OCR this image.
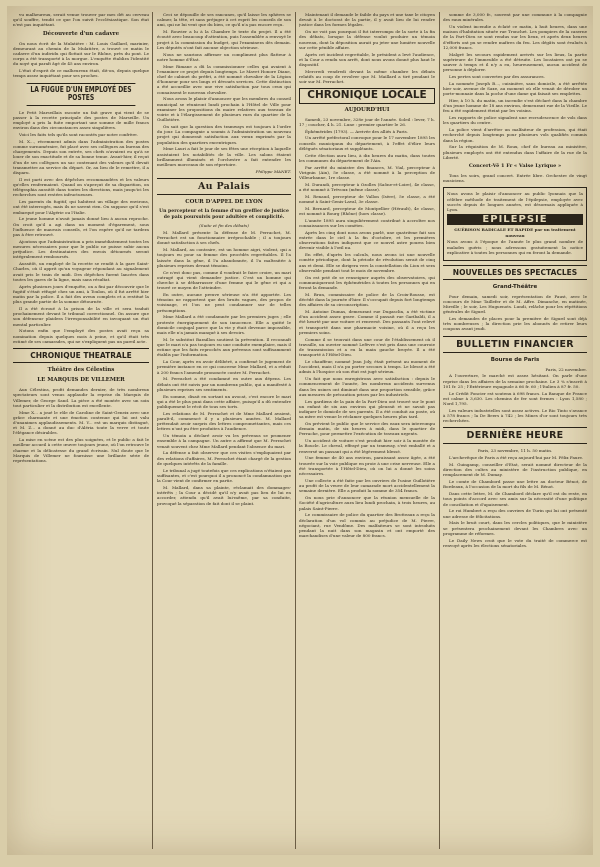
vu malheureux, serait venue trouver par mes dét au cerveau qu'il souffre, tendit ce que l'on suivit l'ecclésiastique. Son état n'est pas inquiétant.

Découverte d'un cadavre

On nous écrit de la Mulatière : M. Louis Gaillard, marinier, demeurant au chemin de la Mulatière, a trouvé ce matin le cadavre d'un individu qui flottait sur le Rhône, près du pont. Le corps a été transporté à la morgue. L'enquête établira l'identité du noyé qui paraît âgé de 45 ans environ.

L'état d'esprit de ce malheureux était, dit-on, depuis quelque temps assez inquiétant pour ses proches.

LA FUGUE D'UN EMPLOYÉ DES POSTES

Le Petit Marseillais raconte un fait grave qui vient de se passer à la recette principale des postes de Marseille. Un employé a pris la fuite emportant une somme de mille francs environ dans des circonstances assez singulières.

Voici les faits tels qu'ils sont racontés par notre confrère.

M. X..., récemment admis dans l'administration des postes comme surnuméraire, fut placé avec ses collègues au bureau des chargements. Depuis son entrée, ses chefs n'avaient eu qu'à se louer de son exactitude et de sa bonne tenue. Avant-hier, il reçut d'un de ses collègues un sac contenant des valeurs qu'il devait transmettre au service du départ. Or, au lieu de le remettre, il a disparu.

Il est parti avec des dépêches recommandées et les valeurs qu'elles renfermaient. Quand on s'aperçut de sa disparition, on télégraphia aussitôt dans toutes les directions, mais jusqu'ici les recherches sont restées infructueuses.

Les parents du fugitif, qui habitent un village des environs, ont été interrogés, mais ils ne savent rien. On suppose qu'il s'est embarqué pour l'Algérie ou l'Italie.

Le jeune homme n'avait jamais donné lieu à aucun reproche. On croit qu'il a agi dans un moment d'égarement, sous l'influence de mauvais conseils, et l'on espère qu'il ne tardera pas à être retrouvé.

Ajoutons que l'administration a pris immédiatement toutes les mesures nécessaires pour que le public ne puisse subir aucun préjudice. Les destinataires des envois détournés seront intégralement remboursés.

Aussitôt, un employé de la recette se rendit à la gare Saint-Charles, où il apprit qu'un voyageur répondant au signalement avait pris le train de midi. Des dépêches furent lancées dans toutes les gares de la ligne, mais sans résultat.

Après plusieurs jours d'enquête, on a fini par découvrir que le fugitif s'était réfugié chez un ami, à Toulon, où il fut arrêté hier matin par la police. Il a fait des aveux complets et a restitué la plus grande partie de la somme détournée.

Il a été écroué à la prison de la ville et sera traduit prochainement devant le tribunal correctionnel. On assure que son défenseur plaidera l'irresponsabilité en invoquant un état mental particulier.

Notons enfin que l'employé des postes avait reçu sa nomination depuis quelques mois à peine, et qu'il était très estimé de ses camarades, qui ne s'expliquent pas un pareil acte.

CHRONIQUE THEATRALE
Théâtre des Célestins
LE MARQUIS DE VILLEMER

Aux Célestins, profit demandes dernier, de très nombreux spectateurs sont venus applaudir la reprise du Marquis de Villemer, de George Sand. La pièce a été montée avec un soin tout particulier et la distribution est excellente.

Mme X... a joué le rôle de Caroline de Saint-Geneix avec une grâce charmante et une émotion contenue qui lui ont valu d'unanimes applaudissements. M. Y... est un marquis distingué, et M. Z... a donné au duc d'Aléria toute la verve et toute l'élégance désirables.

La mise en scène est des plus soignées, et le public a fait le meilleur accueil à cette œuvre toujours jeune, où l'on retrouve le charme et la délicatesse du grand écrivain. Nul doute que le Marquis de Villemer ne fournisse une brillante série de représentations.

Ceci se dépouille de ses rancunes, qu'il laisse les sphères se calmer, la tête, et sans préjuger à cet esprit les conseils de son ami, qui ne lui veut que du bien, ce qu'il n'a pas encore reçu.

M. Rouvier a lu à la Chambre le texte du projet. Il a été écouté avec beaucoup d'attention, puis l'assemblée a renvoyé le projet à la commission du budget, qui l'examinera dès demain. Les députés n'ont fait aucune objection sérieuse.

Nous ne saurions affirmer un compliment plus flatteur à notre homme d'État.

Mme Rimane a dû la commissionner celles qui avaient à l'examiner ce projet depuis longtemps. Le Mavet Honore Diane, chef de cabinet du préfet, a été nommé chevalier de la Légion d'honneur pour ses longs et dévoués services. Cette distinction a été accueillie avec une vive satisfaction par tous ceux qui connaissent le nouveau chevalier.

Nous avons le plaisir d'annoncer que les membres du conseil municipal se réuniront lundi prochain à l'Hôtel de Ville pour examiner les propositions du maire relatives aux travaux de voirie et à l'élargissement de plusieurs rues du quartier de la Guillotière.

On sait que la question des tramways est toujours à l'ordre du jour. La compagnie a soumis à l'administration un nouveau projet qui donnerait satisfaction aux vœux exprimés par la population des quartiers excentriques.

Mme Lauri a fait le jour de ses fêtes une réception à laquelle assistaient les notabilités de la ville. Les salons étaient brillamment illuminés et l'orchestre a fait entendre les meilleurs morceaux de son répertoire.

Philippe MANET.

Au Palais
COUR D'APPEL DE LYON
Un percepteur et la femme d'un greffier de justice de paix poursuivis pour adultère et complicité.

(Suite et fin des débats)

M. Mallard présente la défense de M. Perrachet, M. Perrachet est un fonctionnaire irréprochable ; il a toujours donné satisfaction à ses chefs.

M. Mallard, au contraire, est un homme aigri, violent, qui a toujours eu pour sa femme des procédés regrettables. Il l'a laissée dans la gêne, il l'a abandonnée, il l'a maltraitée à plusieurs reprises devant témoins.

Ce n'est donc pas, comme il voudrait le faire croire, un mari outragé qui vient demander justice. C'est un homme qui cherche à se débarrasser d'une femme qui le gêne et qui a trouvé ce moyen de l'atteindre.

En outre, aucune preuve sérieuse n'a été apportée. Les témoins ne rapportent que des bruits vagues, des propos de voisinage, et l'on ne peut condamner sur de telles présomptions.

Mme Mallard a été condamnée par les premiers juges ; elle proteste énergiquement de son innocence. Elle a quitté le domicile conjugal parce que la vie y était devenue impossible, mais elle n'a jamais manqué à ses devoirs.

M. le substitut Baraillon soutient la prévention. Il reconnaît que le mari n'a pas toujours eu une conduite exemplaire, mais il estime que les faits reprochés aux prévenus sont suffisamment établis par l'information.

La Cour, après en avoir délibéré, a confirmé le jugement de première instance en ce qui concerne Mme Mallard, et a réduit à 200 francs l'amende prononcée contre M. Perrachet.

M. Perrachet a été condamné en outre aux dépens. Les débats ont été suivis par un nombreux public, qui a manifesté à plusieurs reprises ses sentiments.

En somme, disait en sortant un avocat, c'est encore le mari qui a été le plus puni dans cette affaire, puisqu'il a dû entendre publiquement le récit de tous ses torts.

Les relations de M. Perrachet et de Mme Mallard avaient, paraît-il, commencé il y a plusieurs années. M. Mallard prétendait avoir surpris des lettres compromettantes, mais ces lettres n'ont pu être produites à l'audience.

Un témoin a déclaré avoir vu les prévenus se promener ensemble à la campagne. Un autre a affirmé que M. Perrachet venait souvent chez Mme Mallard pendant l'absence du mari.

La défense a fait observer que ces visites s'expliquaient par des relations d'affaires, M. Perrachet étant chargé de la gestion de quelques intérêts de la famille.

Le tribunal a jugé toutefois que ces explications n'étaient pas suffisantes, et c'est pourquoi il a prononcé la condamnation que la Cour vient de confirmer en partie.

M. Mallard, dans sa plainte, réclamait des dommages-intérêts ; la Cour a décidé qu'il n'y avait pas lieu de lui en accorder, attendu qu'il avait lui-même, par sa conduite, provoqué la séparation de fait dont il se plaint.

Maintenant il demande le faible du pays et une taxe le citoyen devait à le doctorat de la partie, il y avait lieu de lui rendre justice dans les formes légales.

On ne voit pas pourquoi il fut interrompu de la sorte à la fin des débats, lorsque la défense voulut produire un témoin nouveau, dont la déposition aurait pu jeter une lumière nouvelle sur cette pénible affaire.

Après cet incident regrettable, le président a levé l'audience, et la Cour a rendu son arrêt, dont nous avons donné plus haut le dispositif.

Mercredi vendredi devant la même chambre les débats relatifs au coup de revolver que M. Maillard a tiré pendant le soir sur M. Perrachet.

CHRONIQUE LOCALE
AUJOURD'HUI

Samedi, 23 novembre, 328e jour de l'année. Soleil : lever, 7 h. 17 ; coucher, 4 h. 21. Lune : premier quartier le 26.

Éphémérides (1793). — Arrivée des alliés à Paris.

Un arrêté préfectoral convoque pour le 17 novembre 1895 les conseils municipaux du département, à l'effet d'élire leurs délégués sénatoriaux et suppléants.

Cette élection aura lieu, à dix heures du matin, dans toutes les communes du département de l'Ain.

Par arrêté du ministre des finances, M. Vial, percepteur à Virignin (Ain), 5e classe, a été nommé à la perception de Villeurbanne, 1re classe.

M. Durandi, percepteur à Ozolles (Saône-et-Loire), 4e classe, a été nommé à Trévoux (même classe).

M. Renaud, percepteur de Vallon (Isère), 5e classe, a été nommé à Saint-Genis-Laval, 3e classe.

M. Bernard, percepteur de Montpellier (Hérault), 4e classe, est nommé à Bourg (Rhône) (hors classe).

L'année 1895 aura singulièrement contribué à accroître nos connaissances sur les comètes.

Après les cinq dont nous avons parlé, une quatrième fait son entrée dans le ciel à la fin d'octobre, et les premières observations faites indiquent que ce nouvel astre pourra bien devenir visible à l'œil nu.

En effet, d'après les calculs, nous avons ici une nouvelle comète périodique, dont la période de révolution serait de cinq ans et demi. Elle se dirigera vers la constellation du Lion et sera observable pendant tout le mois de novembre.

On est prié de se renseigner auprès des observatoires, qui communiqueront les éphémérides à toutes les personnes qui en feront la demande.

M. Brun, commissaire de police de la Croix-Rousse, est décédé dans la journée d'hier. Il s'occupait depuis fort longtemps des affaires de sa circonscription.

M. Antoine Dumas, demeurant rue Dugasclin, a été victime d'un accident assez grave. Comme il passait rue Garibaldi, il a été heurté par une voiture et renversé. Des passants l'ont relevé et transporté dans une pharmacie voisine, où il a reçu les premiers soins.

Comme il se trouvait dans une cour de l'établissement où il travaille, un ouvrier nommé Lefèvre s'est pris dans une courroie de transmission et a eu la main gauche broyée. Il a été transporté à l'Hôtel-Dieu.

Le chauffeur, nommé Jean Joly, était présent au moment de l'accident, mais il n'a pu porter secours à temps. Le blessé a été admis à l'hospice où son état est jugé sérieux.

Un fait que nous enregistrons avec satisfaction : depuis le commencement de l'année, les nombreux accidents survenus dans les usines ont diminué dans une proportion sensible, grâce aux mesures de précaution prises par les industriels.

Les gardiens de la paix de la Part-Dieu ont trouvé sur le pont un enfant de six ans environ qui pleurait et ne savait pas indiquer le domicile de ses parents. Il a été conduit au poste, où sa mère est venue le réclamer quelques heures plus tard.

On prévient le public que le service des eaux sera interrompu demain matin, de six heures à midi, dans le quartier de Perrache, pour permettre l'exécution de travaux urgents.

Un accident de voiture s'est produit hier soir à la montée de la Boucle. Le cheval, effrayé par un tramway, s'est emballé et a renversé un passant qui a été légèrement blessé.

Une femme de 40 ans environ, paraissant assez âgée, a été trouvée sur la voie publique en proie à une crise nerveuse. Elle a été transportée à l'Hôtel-Dieu, où on lui a donné les soins nécessaires.

Une collecte a été faite par les ouvriers de l'usine Guillotière au profit de la veuve de leur camarade mort accidentellement la semaine dernière. Elle a produit la somme de 354 francs.

On nous prie d'annoncer que la réunion mensuelle de la Société d'agriculture aura lieu lundi prochain, à trois heures, au palais Saint-Pierre.

Le commissaire de police du quartier des Brotteaux a reçu la déclaration d'un vol commis au préjudice de M. Pierre, négociant, rue Vendôme. Des malfaiteurs se sont introduits pendant la nuit dans son magasin et ont emporté des marchandises d'une valeur de 800 francs.

somme de 3,000 fr., souvent par une commune à la compagnie des eaux minérales.

Un violent incendie a éclaté ce matin, à huit heures, dans une maison d'habitation située rue Tronchet. Les pompiers de la caserne de la Part-Dieu se sont rendus sur les lieux, et après deux heures d'efforts ont pu se rendre maîtres du feu. Les dégâts sont évalués à 12,000 francs.

Malgré les secours rapidement arrivés sur les lieux, la partie supérieure de l'immeuble a été détruite. Les locataires ont pu se sauver à temps et il n'y a eu, heureusement, aucun accident de personne à déplorer.

Les pertes sont couvertes par des assurances.

La nommée Joseph B..., cuisinière, sans domicile, a été arrêtée hier soir, avenue de Saxe, au moment où elle venait de dérober un porte-monnaie dans la poche d'une dame qui faisait ses emplettes.

Hier, à 10 h. du matin, un incendie s'est déclaré dans la chambre d'un jeune homme de 18 ans environ, demeurant rue de la Vieille. Le feu a été rapidement éteint par les voisins.

Les rapports de police signalent une recrudescence de vols dans les quartiers du centre.

La police vient d'arrêter un malfaiteur de profession, qui était recherché depuis longtemps pour plusieurs vols qualifiés commis dans la région.

Sur la réquisition de M. Roux, chef de bureau au ministère, plusieurs employés ont été entendus dans l'affaire de la rue de la Liberté.

Concert-Vê 1 Fr « Valse Lyrique »

Tous les soirs, grand concert. Entrée libre. Orchestre de vingt musiciens.

Nous avons le plaisir d'annoncer au public lyonnais que la célèbre méthode de traitement de l'épilepsie, employée avec succès depuis de longues années, est désormais appliquée à Lyon.

EPILEPSIE

GUÉRISON RADICALE ET RAPIDE par un traitement nouveau

Nous avons à l'époque de l'année le plus grand nombre de malades guéris ; nous adressons gratuitement la notice explicative à toutes les personnes qui en feront la demande.

NOUVELLES DES SPECTACLES
Grand-Théâtre

Pour demain, samedi soir, représentation de Faust, avec le concours de Mme Taillefer et de M. Affre. Dimanche, en matinée, Mireille ; le soir, Les Huguenots. Lundi, relâche pour les répétitions générales de Sigurd.

Les demandes de places pour la première de Sigurd sont déjà très nombreuses ; la direction prie les abonnés de retirer leurs coupons avant jeudi.

BULLETIN FINANCIER
Bourse de Paris

Paris, 22 novembre.

A l'ouverture, le marché est assez hésitant. On parle d'une reprise dans les affaires de la semaine prochaine. Le 3 % s'inscrit à 101 fr. 25 ; l'Extérieure espagnole à 66 fr. 60 ; l'Italien à 87 fr. 50.

Le Crédit Foncier est soutenu à 698 francs. La Banque de France est calme à 3,630. Les chemins de fer sont fermes : Lyon 1,580 ; Nord 1,795.

Les valeurs industrielles sont assez actives. Le Rio Tinto s'avance à 578 francs ; la De Beers à 742 ; les Mines d'or sont toujours très recherchées.

DERNIÈRE HEURE

Paris, 23 novembre, 11 h. 50 matin.

L'archevêque de Paris a été reçu aujourd'hui par M. Félix Faure.

M. Guingamp, conseiller d'Etat, serait nommé directeur de la direction des cultes au ministère de l'instruction publique, en remplacement de M. Dumay.

Le comte de Chambord passe une lettre au docteur Bénot, de Bordeaux, à l'occasion de la mort du fils de M. Bénot.

Dans cette lettre, M. de Chambord déclare qu'il est du reste, en tous points d'accord avec ses amis sur la nécessité d'une politique de conciliation et d'apaisement.

Le roi Humbert a reçu des ouvriers de Turin qui lui ont présenté une adresse de félicitations.

Mais le bruit court, dans les cercles politiques, que le ministère se présentera prochainement devant les Chambres avec un programme de réformes.

Le Daily News croit que le vote du traité de commerce est renvoyé après les élections sénatoriales.
